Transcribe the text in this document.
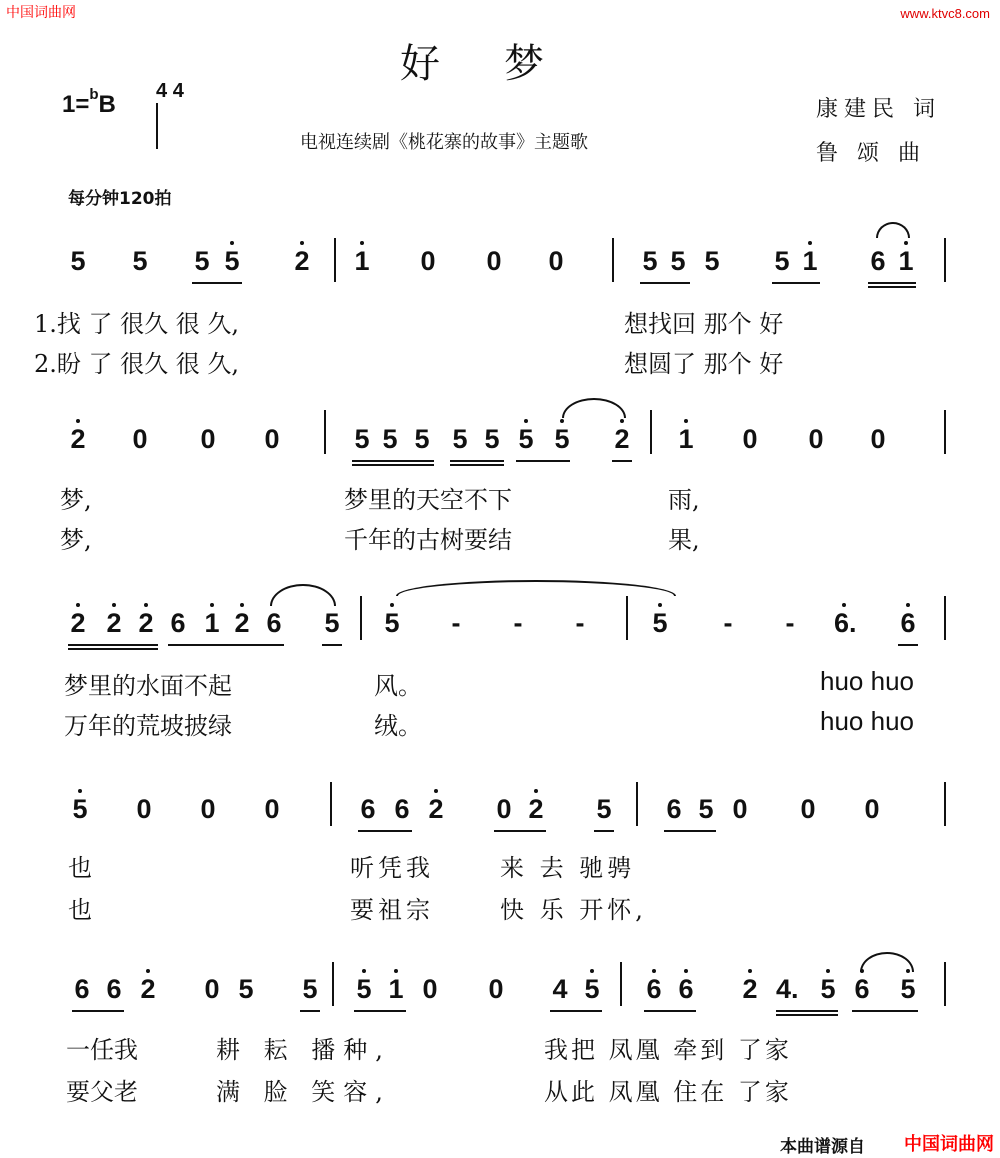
中国词曲网	www.ktvc8.com
好梦
1=$^b$B 4 4
电视连续剧《桃花寨的故事》主题歌
康建民 词
鲁 颂 曲
每分钟120拍
5 5 5 5 2 1 0 0 0	5 5 5 5 1 6 1
1.找 了 很久 很 久,	想找回 那个 好
2.盼 了 很久 很 久,	想圆了 那个 好
2 0 0 0	5 5 5 5 5 5 5 2 1 0 0 0
梦,	梦里的天空不下	雨,
梦,	千年的古树要结	果,
2 2 2 6 1 2 6 5 5 - - -	5 - - 6. 6
梦里的水面不起	风。	huo huo
万年的荒坡披绿	绒。	huo huo
5 0 0 0	6 6 2 0 2 5 6 5 0 0 0
也	听凭我	来 去 驰骋
也	要祖宗	快 乐 开怀,
6 6 2 0 5 5 5 1 0 0 4 5 6 6 2 4. 5 6 5
一任我	耕 耘 播种,	我把 凤凰 牵到 了家
要父老	满 脸 笑容,	从此 凤凰 住在 了家
本曲谱源自 中国词曲网
